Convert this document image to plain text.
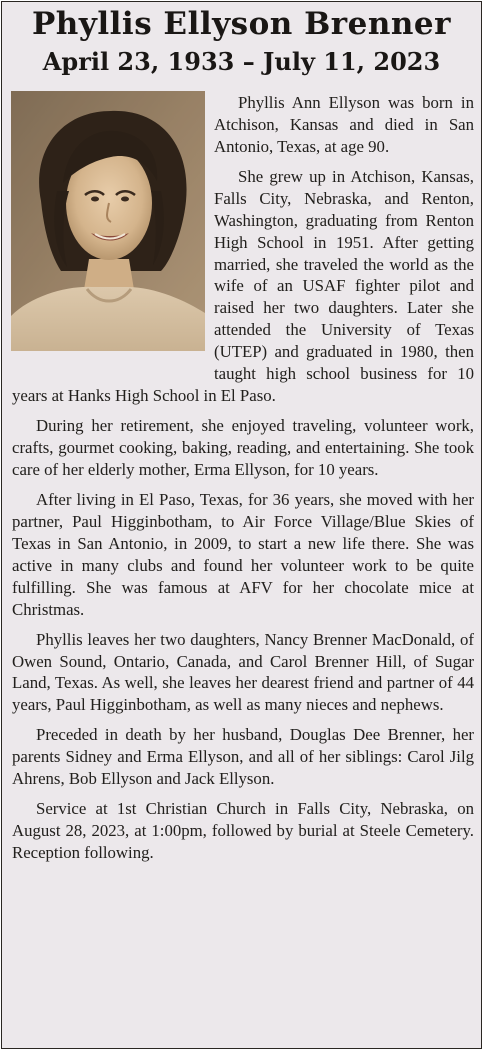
Phyllis Ellyson Brenner
April 23, 1933 – July 11, 2023

Phyllis Ann Ellyson was born in Atchison, Kansas and died in San Antonio, Texas, at age 90.

She grew up in Atchison, Kansas, Falls City, Nebraska, and Renton, Washington, graduating from Renton High School in 1951. After getting married, she traveled the world as the wife of an USAF fighter pilot and raised her two daughters. Later she attended the University of Texas (UTEP) and graduated in 1980, then taught high school business for 10 years at Hanks High School in El Paso.

During her retirement, she enjoyed traveling, volunteer work, crafts, gourmet cooking, baking, reading, and entertaining. She took care of her elderly mother, Erma Ellyson, for 10 years.

After living in El Paso, Texas, for 36 years, she moved with her partner, Paul Higginbotham, to Air Force Village/Blue Skies of Texas in San Antonio, in 2009, to start a new life there. She was active in many clubs and found her volunteer work to be quite fulfilling. She was famous at AFV for her chocolate mice at Christmas.

Phyllis leaves her two daughters, Nancy Brenner MacDonald, of Owen Sound, Ontario, Canada, and Carol Brenner Hill, of Sugar Land, Texas. As well, she leaves her dearest friend and partner of 44 years, Paul Higginbotham, as well as many nieces and nephews.

Preceded in death by her husband, Douglas Dee Brenner, her parents Sidney and Erma Ellyson, and all of her siblings: Carol Jilg Ahrens, Bob Ellyson and Jack Ellyson.

Service at 1st Christian Church in Falls City, Nebraska, on August 28, 2023, at 1:00pm, followed by burial at Steele Cemetery. Reception following.
